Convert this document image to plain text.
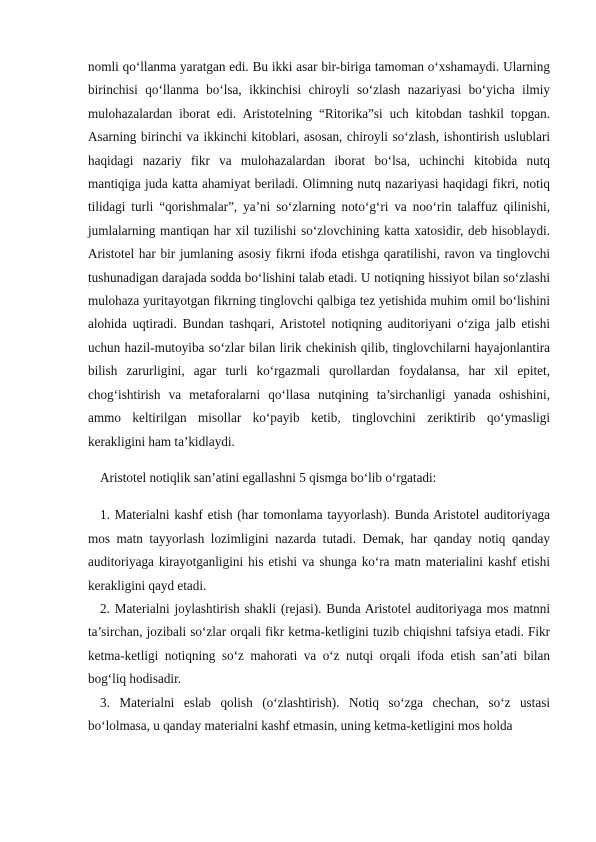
nomli qo‘llanma yaratgan edi. Bu ikki asar bir-biriga tamoman o‘xshamaydi. Ularning birinchisi qo‘llanma bo‘lsa, ikkinchisi chiroyli so‘zlash nazariyasi bo‘yicha ilmiy mulohazalardan iborat edi. Aristotelning “Ritorika”si uch kitobdan tashkil topgan. Asarning birinchi va ikkinchi kitoblari, asosan, chiroyli so‘zlash, ishontirish uslublari haqidagi nazariy fikr va mulohazalardan iborat bo‘lsa, uchinchi kitobida nutq mantiqiga juda katta ahamiyat beriladi. Olimning nutq nazariyasi haqidagi fikri, notiq tilidagi turli “qorishmalar”, ya’ni so‘zlarning noto‘g‘ri va noo‘rin talaffuz qilinishi, jumlalarning mantiqan har xil tuzilishi so‘zlovchining katta xatosidir, deb hisoblaydi. Aristotel har bir jumlaning asosiy fikrni ifoda etishga qaratilishi, ravon va tinglovchi tushunadigan darajada sodda bo‘lishini talab etadi. U notiqning hissiyot bilan so‘zlashi mulohaza yuritayotgan fikrning tinglovchi qalbiga tez yetishida muhim omil bo‘lishini alohida uqtiradi. Bundan tashqari, Aristotel notiqning auditoriyani o‘ziga jalb etishi uchun hazil-mutoyiba so‘zlar bilan lirik chekinish qilib, tinglovchilarni hayajonlantira bilish zarurligini, agar turli ko‘rgazmali qurollardan foydalansa, har xil epitet, chog‘ishtirish va metaforalarni qo‘llasa nutqining ta’sirchanligi yanada oshishini, ammo keltirilgan misollar ko‘payib ketib, tinglovchini zeriktirib qo‘ymasligi kerakligini ham ta’kidlaydi.

Aristotel notiqlik san’atini egallashni 5 qismga bo‘lib o‘rgatadi:

1. Materialni kashf etish (har tomonlama tayyorlash). Bunda Aristotel auditoriyaga mos matn tayyorlash lozimligini nazarda tutadi. Demak, har qanday notiq qanday auditoriyaga kirayotganligini his etishi va shunga ko‘ra matn materialini kashf etishi kerakligini qayd etadi.

2. Materialni joylashtirish shakli (rejasi). Bunda Aristotel auditoriyaga mos matnni ta’sirchan, jozibali so‘zlar orqali fikr ketma-ketligini tuzib chiqishni tafsiya etadi. Fikr ketma-ketligi notiqning so‘z mahorati va o‘z nutqi orqali ifoda etish san’ati bilan bog‘liq hodisadir.

3. Materialni eslab qolish (o‘zlashtirish). Notiq so‘zga chechan, so‘z ustasi bo‘lolmasa, u qanday materialni kashf etmasin, uning ketma-ketligini mos holda
